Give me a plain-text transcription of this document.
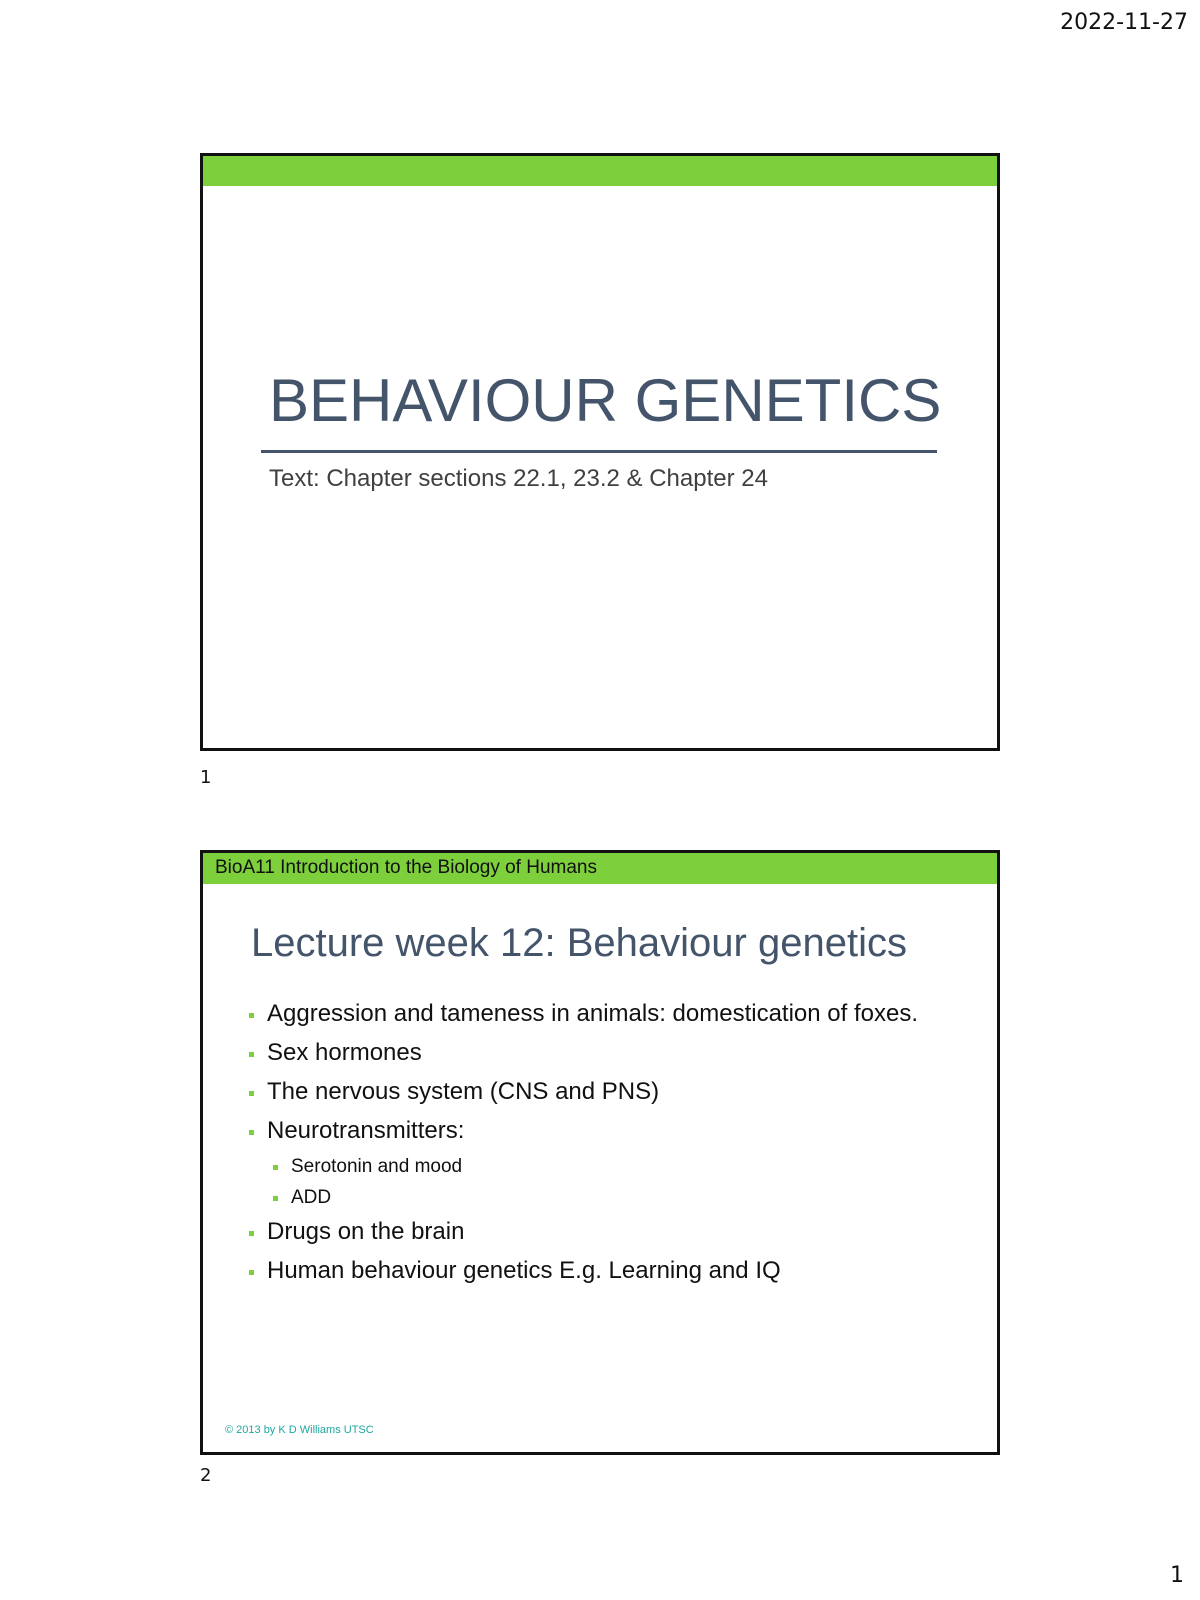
2022-11-27
BEHAVIOUR GENETICS
Text: Chapter sections 22.1, 23.2 & Chapter 24
1
BioA11 Introduction to the Biology of Humans
Lecture week 12: Behaviour genetics
Aggression and tameness in animals: domestication of foxes.
Sex hormones
The nervous system (CNS and PNS)
Neurotransmitters:
Serotonin and mood
ADD
Drugs on the brain
Human behaviour genetics E.g. Learning and IQ
© 2013 by K D Williams UTSC
2
1
